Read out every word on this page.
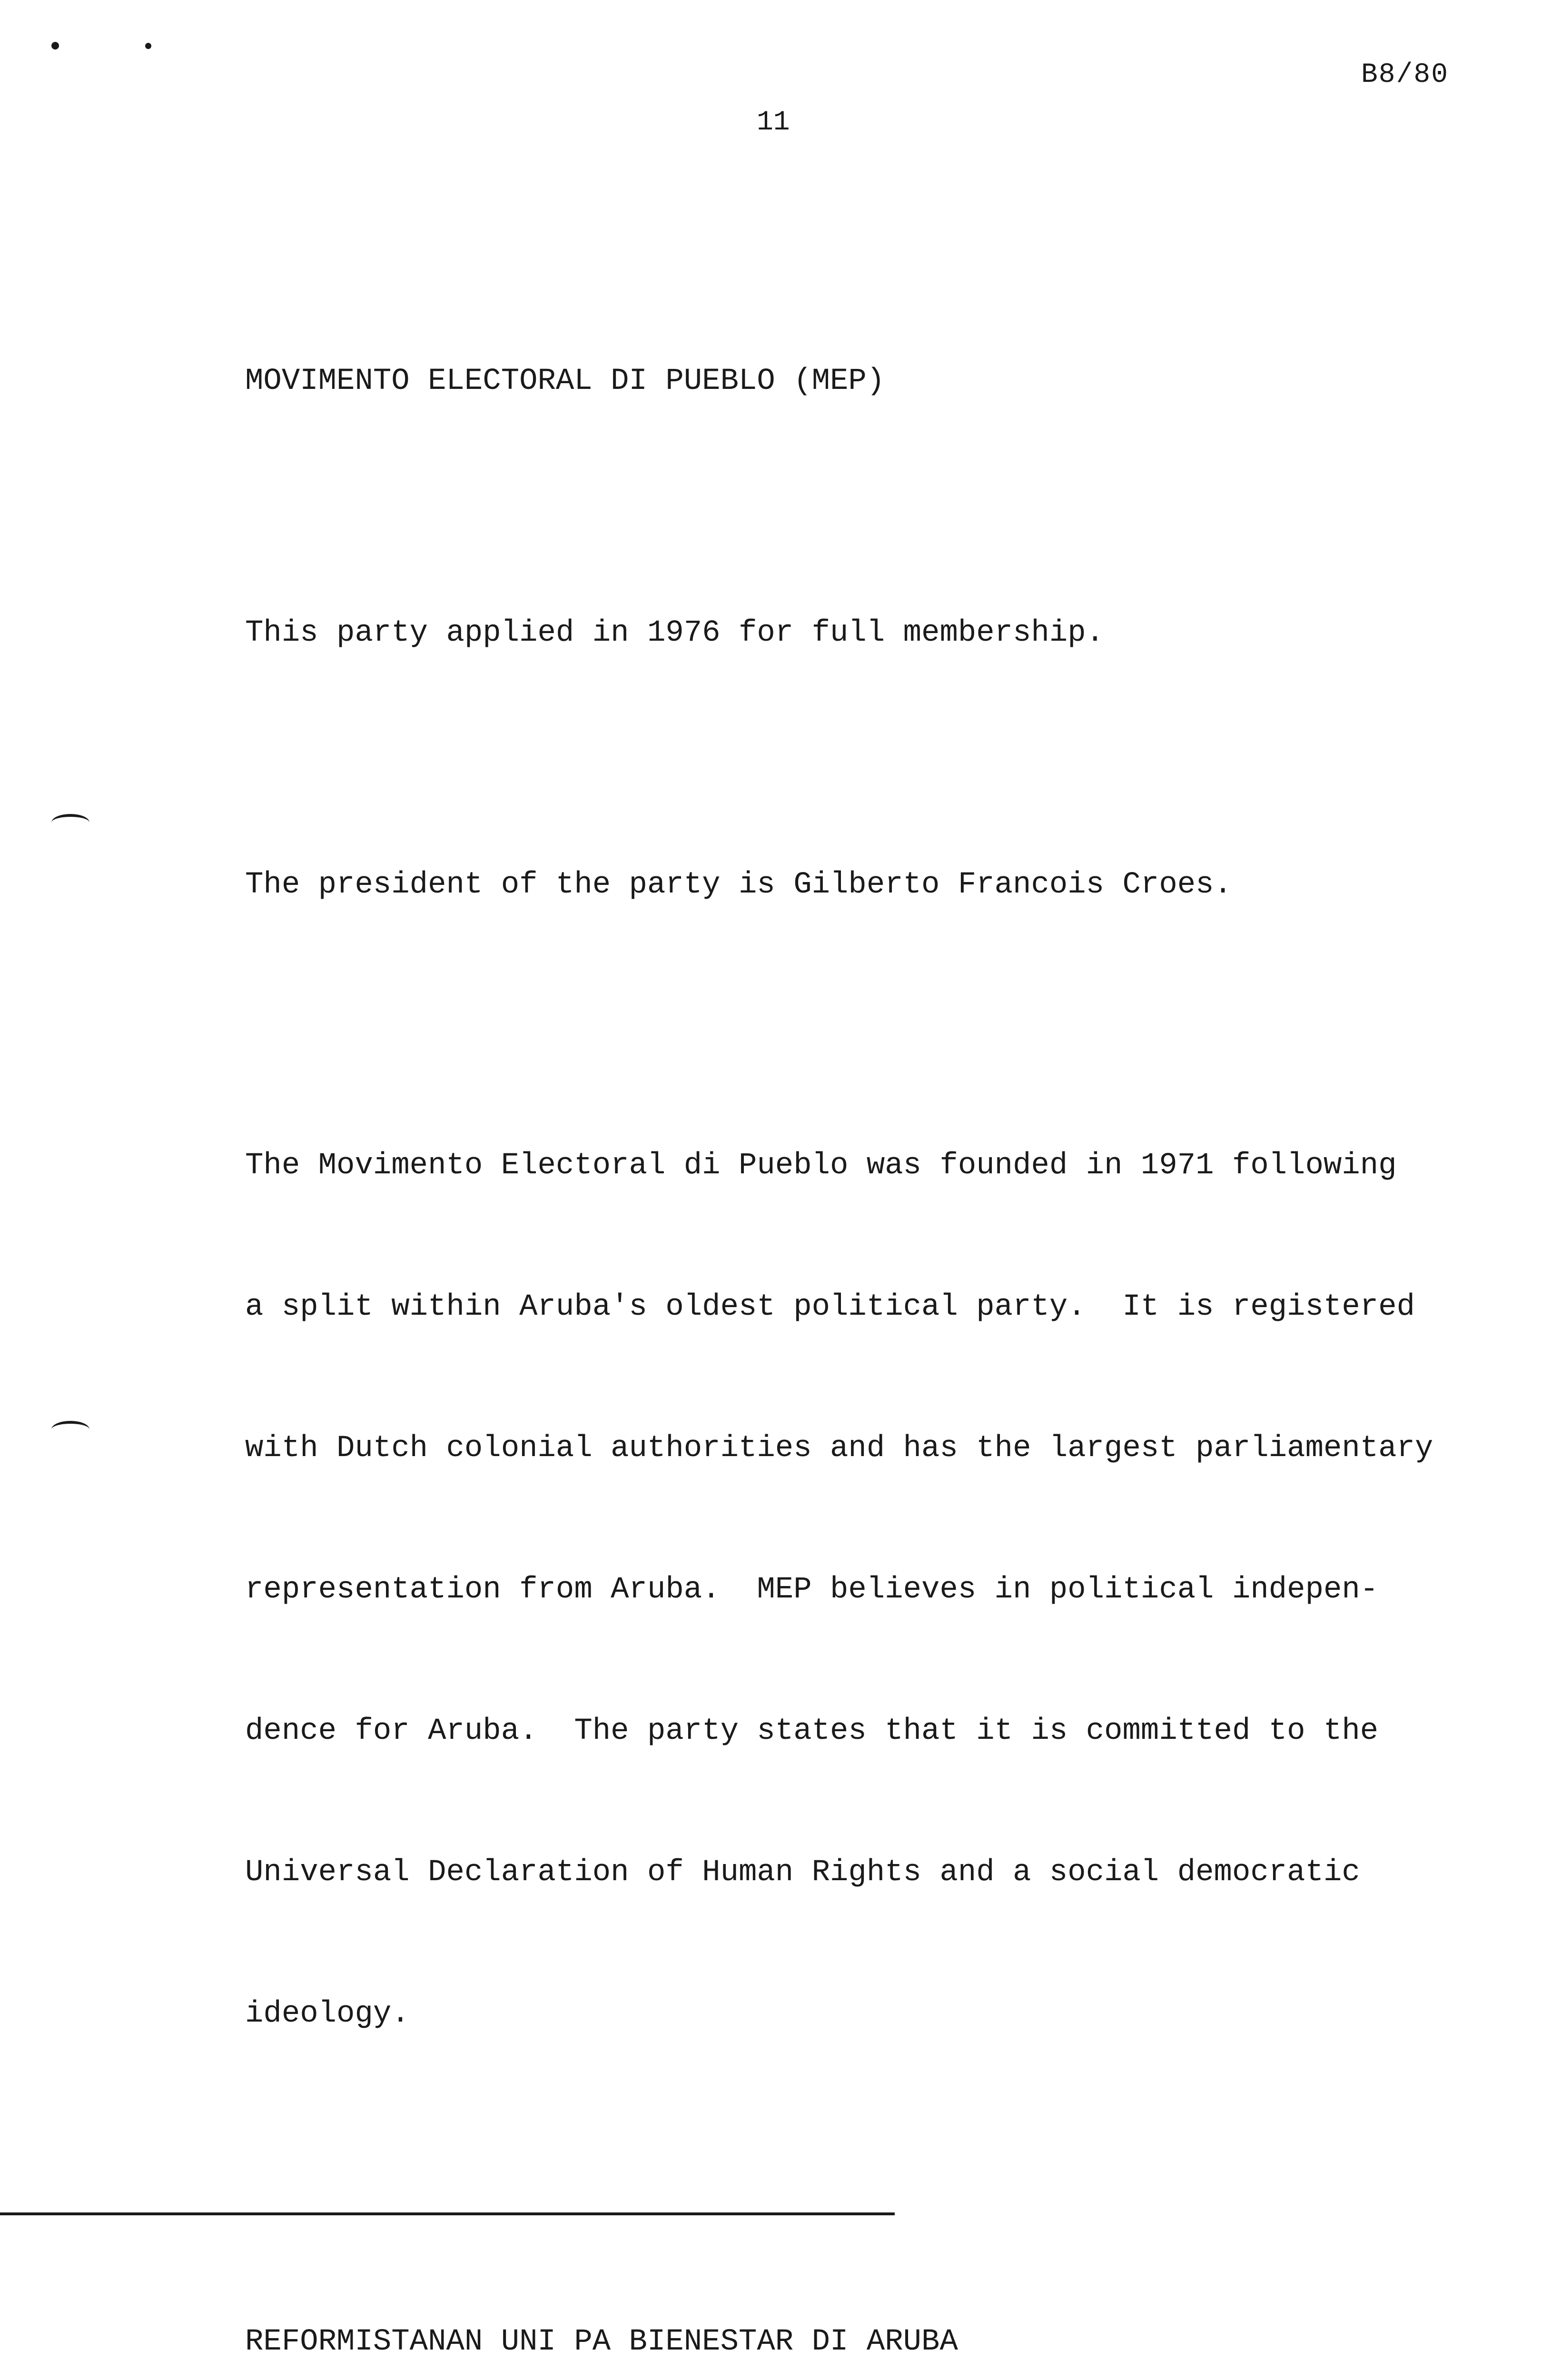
B8/80
11

MOVIMENTO ELECTORAL DI PUEBLO (MEP)

This party applied in 1976 for full membership.

The president of the party is Gilberto Francois Croes.

The Movimento Electoral di Pueblo was founded in 1971 following

a split within Aruba's oldest political party.  It is registered

with Dutch colonial authorities and has the largest parliamentary

representation from Aruba.  MEP believes in political indepen-

dence for Aruba.  The party states that it is committed to the

Universal Declaration of Human Rights and a social democratic

ideology.

REFORMISTANAN UNI PA BIENESTAR DI ARUBA
